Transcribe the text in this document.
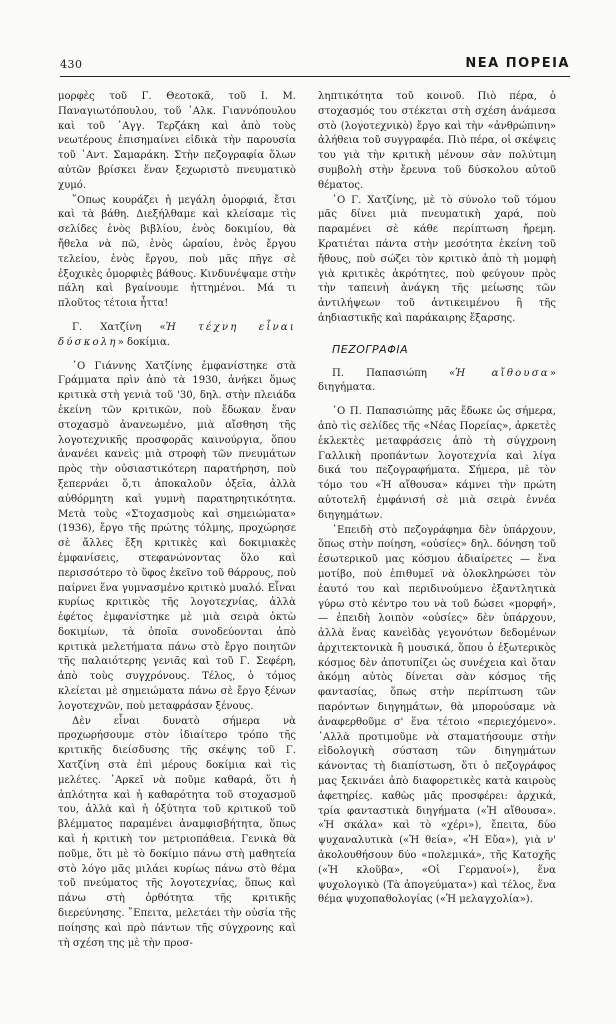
430	ΝΕΑ ΠΟΡΕΙΑ

μορφὲς τοῦ Γ. Θεοτοκᾶ, τοῦ Ι. Μ. Παναγιωτόπουλου, τοῦ ᾿Αλκ. Γιαννόπουλου καὶ τοῦ ᾿Αγγ. Τερζάκη καὶ ἀπὸ τοὺς νεωτέρους ἐπισημαίνει εἰδικὰ τὴν παρουσία τοῦ ᾿Αντ. Σαμαράκη. Στὴν πεζογραφία ὅλων αὐτῶν βρίσκει ἕναν ξεχωριστὸ πνευματικὸ χυμό.

῞Οπως κουράζει ἡ μεγάλη ὁμορφιά, ἔτσι καὶ τὰ βάθη. Διεξήλθαμε καὶ κλείσαμε τὶς σελίδες ἑνὸς βιβλίου, ἑνὸς δοκιμίου, θὰ ἤθελα νὰ πῶ, ἑνὸς ὡραίου, ἑνὸς ἔργου τελείου, ἑνὸς ἔργου, ποὺ μᾶς πῆγε σὲ ἐξοχικὲς ὁμορφιὲς βάθους. Κινδυνέψαμε στὴν πάλη καὶ βγαίνουμε ἡττημένοι. Μά τι πλοῦτος τέτοια ἧττα!

Γ. Χατζίνη «Ἡ τέχνη εἶναι δύσκολη» δοκίμια.

᾿Ο Γιάννης Χατζίνης ἐμφανίστηκε στὰ Γράμματα πρὶν ἀπὸ τὰ 1930, ἀνήκει ὅμως κριτικὰ στὴ γενιὰ τοῦ '30, δηλ. στὴν πλειάδα ἐκείνη τῶν κριτικῶν, ποὺ ἔδωκαν ἕναν στοχασμὸ ἀνανεωμένο, μιὰ αἴσθηση τῆς λογοτεχνικῆς προσφορᾶς καινούργια, ὅπου ἀνανέει κανεὶς μιὰ στροφὴ τῶν πνευμάτων πρὸς τὴν οὐσιαστικότερη παρατήρηση, ποὺ ξεπερνάει ὅ,τι ἀποκαλοῦν ὀξεῖα, ἀλλὰ αὐθόρμητη καὶ γυμνὴ παρατηρητικότητα. Μετὰ τοὺς «Στοχασμοὺς καὶ σημειώματα» (1936), ἔργο τῆς πρώτης τόλμης, προχώρησε σὲ ἄλλες ἔξη κριτικὲς καὶ δοκιμιακὲς ἐμφανίσεις, στεφανώνοντας ὅλο καὶ περισσότερο τὸ ὕφος ἐκεῖνο τοῦ θάρρους, ποὺ παίρνει ἕνα γυμνασμένο κριτικὸ μυαλό. Εἶναι κυρίως κριτικὸς τῆς λογοτεχνίας, ἀλλὰ ἐφέτος ἐμφανίστηκε μὲ μιὰ σειρὰ ὀκτὼ δοκιμίων, τὰ ὁποῖα συνοδεύονται ἀπὸ κριτικὰ μελετήματα πάνω στὸ ἔργο ποιητῶν τῆς παλαιότερης γενιᾶς καὶ τοῦ Γ. Σεφέρη, ἀπὸ τοὺς συγχρόνους. Τέλος, ὁ τόμος κλείεται μὲ σημειώματα πάνω σὲ ἔργο ξένων λογοτεχνῶν, ποὺ μεταφράσαν ξένους.

Δὲν εἶναι δυνατὸ σήμερα νὰ προχωρήσουμε στὸν ἰδιαίτερο τρόπο τῆς κριτικῆς διείσδυσης τῆς σκέψης τοῦ Γ. Χατζίνη στὰ ἐπὶ μέρους δοκίμια καὶ τὶς μελέτες. ᾿Αρκεῖ νὰ ποῦμε καθαρά, ὅτι ἡ ἁπλότητα καὶ ἡ καθαρότητα τοῦ στοχασμοῦ του, ἀλλὰ καὶ ἡ ὀξύτητα τοῦ κριτικοῦ τοῦ βλέμματος παραμένει ἀναμφισβήτητα, ὅπως καὶ ἡ κριτικὴ τον μετριοπάθεια. Γενικὰ θὰ ποῦμε, ὅτι μὲ τὸ δοκίμιο πάνω στὴ μαθητεία στὸ λόγο μᾶς μιλάει κυρίως πάνω στὸ θέμα τοῦ πνεύματος τῆς λογοτεχνίας, ὅπως καὶ πάνω στὴ ὀρθότητα τῆς κριτικῆς διερεύνησης. ῎Επειτα, μελετάει τὴν οὐσία τῆς ποίησης καὶ πρὸ πάντων τῆς σύγχρονης καὶ τὴ σχέση της μὲ τὴν προσ-

ληπτικότητα τοῦ κοινοῦ. Πιὸ πέρα, ὁ στοχασμός του στέκεται στὴ σχέση ἀνάμεσα στὸ (λογοτεχνικὸ) ἔργο καὶ τὴν «ἀνθρώπινη» ἀλήθεια τοῦ συγγραφέα. Πιὸ πέρα, οἱ σκέψεις του γιὰ τὴν κριτικὴ μένουν σὰν πολύτιμη συμβολὴ στὴν ἔρευνα τοῦ δύσκολου αὐτοῦ θέματος.

᾿Ο Γ. Χατζίνης, μὲ τὸ σύνολο τοῦ τόμου μᾶς δίνει μιὰ πνευματικὴ χαρά, ποὺ παραμένει σὲ κάθε περίπτωση ἤρεμη. Κρατιέται πάντα στὴν μεσότητα ἐκείνη τοῦ ἤθους, ποὺ σώζει τὸν κριτικὸ ἀπὸ τὴ μομφὴ γιὰ κριτικὲς ἀκρότητες, ποὺ φεύγουν πρὸς τὴν ταπεινὴ ἀνάγκη τῆς μείωσης τῶν ἀντιλήψεων τοῦ ἀντικειμένου ἢ τῆς ἀηδιαστικῆς καὶ παράκαιρης ἔξαρσης.

ΠΕΖΟΓΡΑΦΙΑ

Π. Παπασιώπη «Ἡ αἴθουσα» διηγήματα.

᾿Ο Π. Παπασιώπης μᾶς ἔδωκε ὡς σήμερα, ἀπὸ τὶς σελίδες τῆς «Νέας Πορείας», ἀρκετὲς ἐκλεκτὲς μεταφράσεις ἀπὸ τὴ σύγχρονη Γαλλικὴ προπάντων λογοτεχνία καὶ λίγα δικά του πεζογραφήματα. Σήμερα, μὲ τὸν τόμο του «Ἡ αἴθουσα» κάμνει τὴν πρώτη αὐτοτελῆ ἐμφάνισή σὲ μιὰ σειρὰ ἐννέα διηγημάτων.

᾿Επειδὴ στὸ πεζογράφημα δὲν ὑπάρχουν, ὅπως στὴν ποίηση, «οὐσίες» δηλ. δόνηση τοῦ ἐσωτερικοῦ μας κόσμου ἀδιαίρετες — ἕνα μοτίβο, ποὺ ἐπιθυμεῖ νὰ ὁλοκληρώσει τὸν ἑαυτό του καὶ περιδινούμενο ἐξαντλητικὰ γύρω στὸ κέντρο του νὰ τοῦ δώσει «μορφή», — ἐπειδὴ λοιπὸν «οὐσίες» δὲν ὑπάρχουν, ἀλλὰ ἕνας κανεὶδὰς γεγονότων δεδομένων ἀρχιτεκτονικὰ ἢ μουσικά, ὅπου ὁ ἐξωτερικὸς κόσμος δὲν ἀποτυπίζει ὡς συνέχεια καὶ ὅταν ἀκόμη αὐτὸς δίνεται σὰν κόσμος τῆς φαντασίας, ὅπως στὴν περίπτωση τῶν παρόντων διηγημάτων, θὰ μπορούσαμε νὰ ἀναφερθοῦμε σ' ἕνα τέτοιο «περιεχόμενο». ᾿Αλλὰ προτιμοῦμε νὰ σταματήσουμε στὴν εἰδολογικὴ σύσταση τῶν διηγημάτων κάνοντας τὴ διαπίστωση, ὅτι ὁ πεζογράφος μας ξεκινάει ἀπὸ διαφορετικὲς κατὰ καιροὺς ἀφετηρίες. καθὼς μᾶς προσφέρει: ἀρχικά, τρία φανταστικὰ διηγήματα («Ἡ αἴθουσα». «Ἡ σκάλα» καὶ τὸ «χέρι»), ἔπειτα, δύο ψυχαναλυτικὰ («Ἡ θεία», «Ἡ Εὔα»), γιὰ ν' ἀκολουθήσουν δύο «πολεμικά», τῆς Κατοχῆς («Ἡ κλοῦβα», «Οἱ Γερμανοί»), ἕνα ψυχολογικὸ (Τὰ ἀπογεύματα») καὶ τέλος, ἕνα θέμα ψυχοπαθολογίας («Ἡ μελαγχολία»).
